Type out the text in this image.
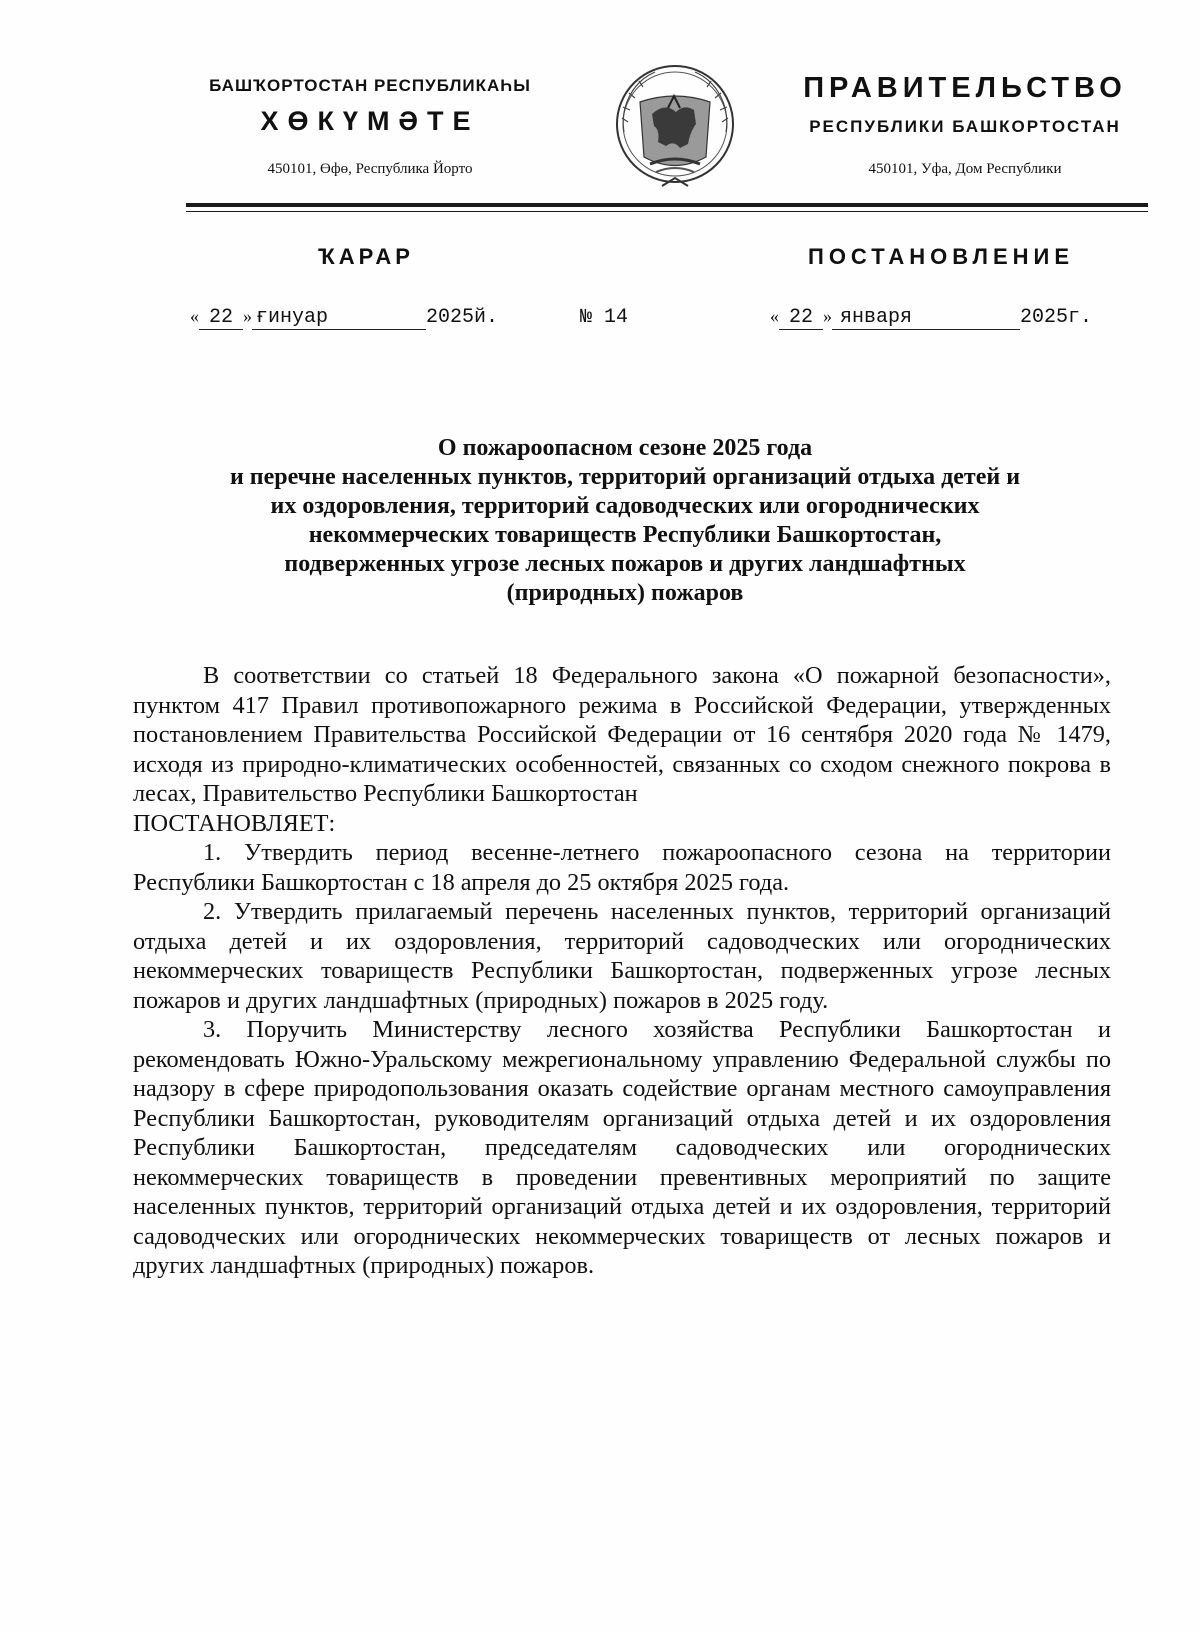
БАШҠОРТОСТАН РЕСПУБЛИКАҺЫ
ХӨКҮМӘТЕ
450101, Өфө, Республика Йорто
ПРАВИТЕЛЬСТВО
РЕСПУБЛИКИ БАШКОРТОСТАН
450101, Уфа, Дом Республики
ҠАРАР	ПОСТАНОВЛЕНИЕ
« 22 » ғинуар	2025й.	№ 14	« 22 » января	2025г.
О пожароопасном сезоне 2025 года
и перечне населенных пунктов, территорий организаций отдыха детей и
их оздоровления, территорий садоводческих или огороднических
некоммерческих товариществ Республики Башкортостан,
подверженных угрозе лесных пожаров и других ландшафтных
(природных) пожаров

В соответствии со статьей 18 Федерального закона «О пожарной безопасности», пунктом 417 Правил противопожарного режима в Российской Федерации, утвержденных постановлением Правительства Российской Федерации от 16 сентября 2020 года № 1479, исходя из природно-климатических особенностей, связанных со сходом снежного покрова в лесах, Правительство Республики Башкортостан

ПОСТАНОВЛЯЕТ:

1. Утвердить период весенне-летнего пожароопасного сезона на территории Республики Башкортостан с 18 апреля до 25 октября 2025 года.

2. Утвердить прилагаемый перечень населенных пунктов, территорий организаций отдыха детей и их оздоровления, территорий садоводческих или огороднических некоммерческих товариществ Республики Башкортостан, подверженных угрозе лесных пожаров и других ландшафтных (природных) пожаров в 2025 году.

3. Поручить Министерству лесного хозяйства Республики Башкортостан и рекомендовать Южно-Уральскому межрегиональному управлению Федеральной службы по надзору в сфере природопользования оказать содействие органам местного самоуправления Республики Башкортостан, руководителям организаций отдыха детей и их оздоровления Республики Башкортостан, председателям садоводческих или огороднических некоммерческих товариществ в проведении превентивных мероприятий по защите населенных пунктов, территорий организаций отдыха детей и их оздоровления, территорий садоводческих или огороднических некоммерческих товариществ от лесных пожаров и других ландшафтных (природных) пожаров.
